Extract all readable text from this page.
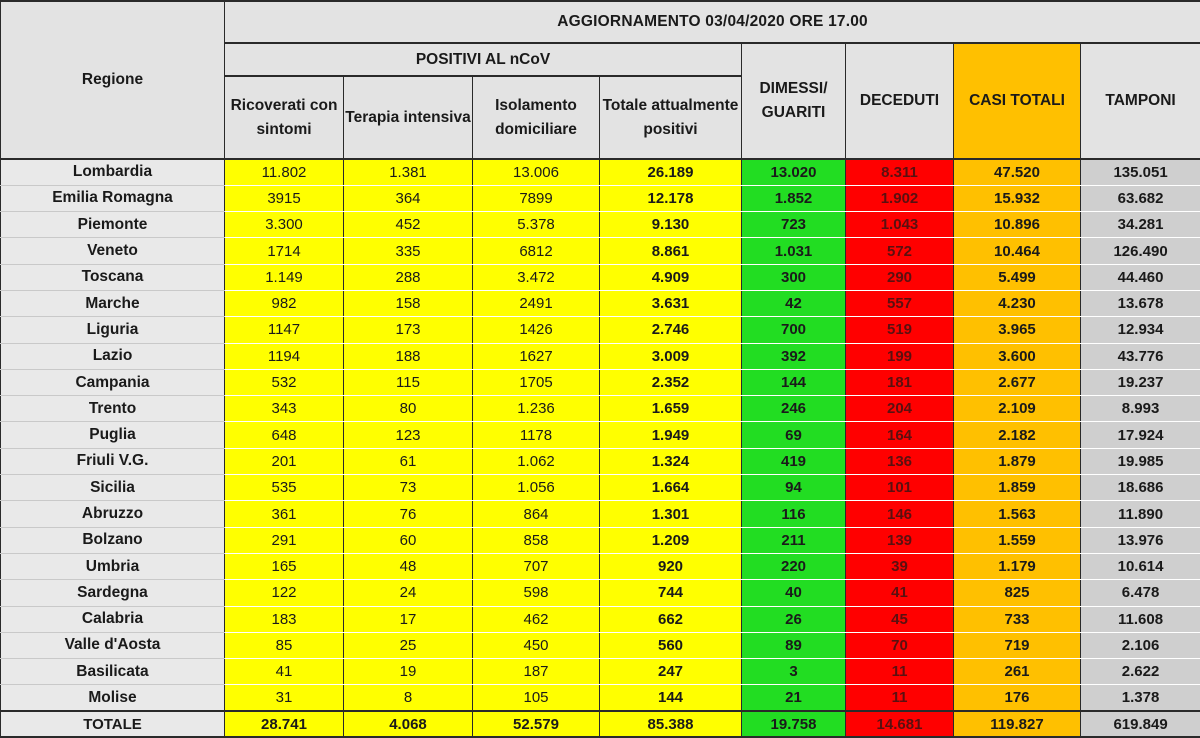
Regione	AGGIORNAMENTO 03/04/2020 ORE 17.00							
	POSITIVI AL nCoV				DIMESSI/ GUARITI	DECEDUTI	CASI TOTALI	TAMPONI
	Ricoverati con sintomi	Terapia intensiva	Isolamento domiciliare	Totale attualmente positivi				
Lombardia	11.802	1.381	13.006	26.189	13.020	8.311	47.520	135.051
Emilia Romagna	3915	364	7899	12.178	1.852	1.902	15.932	63.682
Piemonte	3.300	452	5.378	9.130	723	1.043	10.896	34.281
Veneto	1714	335	6812	8.861	1.031	572	10.464	126.490
Toscana	1.149	288	3.472	4.909	300	290	5.499	44.460
Marche	982	158	2491	3.631	42	557	4.230	13.678
Liguria	1147	173	1426	2.746	700	519	3.965	12.934
Lazio	1194	188	1627	3.009	392	199	3.600	43.776
Campania	532	115	1705	2.352	144	181	2.677	19.237
Trento	343	80	1.236	1.659	246	204	2.109	8.993
Puglia	648	123	1178	1.949	69	164	2.182	17.924
Friuli V.G.	201	61	1.062	1.324	419	136	1.879	19.985
Sicilia	535	73	1.056	1.664	94	101	1.859	18.686
Abruzzo	361	76	864	1.301	116	146	1.563	11.890
Bolzano	291	60	858	1.209	211	139	1.559	13.976
Umbria	165	48	707	920	220	39	1.179	10.614
Sardegna	122	24	598	744	40	41	825	6.478
Calabria	183	17	462	662	26	45	733	11.608
Valle d'Aosta	85	25	450	560	89	70	719	2.106
Basilicata	41	19	187	247	3	11	261	2.622
Molise	31	8	105	144	21	11	176	1.378
TOTALE	28.741	4.068	52.579	85.388	19.758	14.681	119.827	619.849
